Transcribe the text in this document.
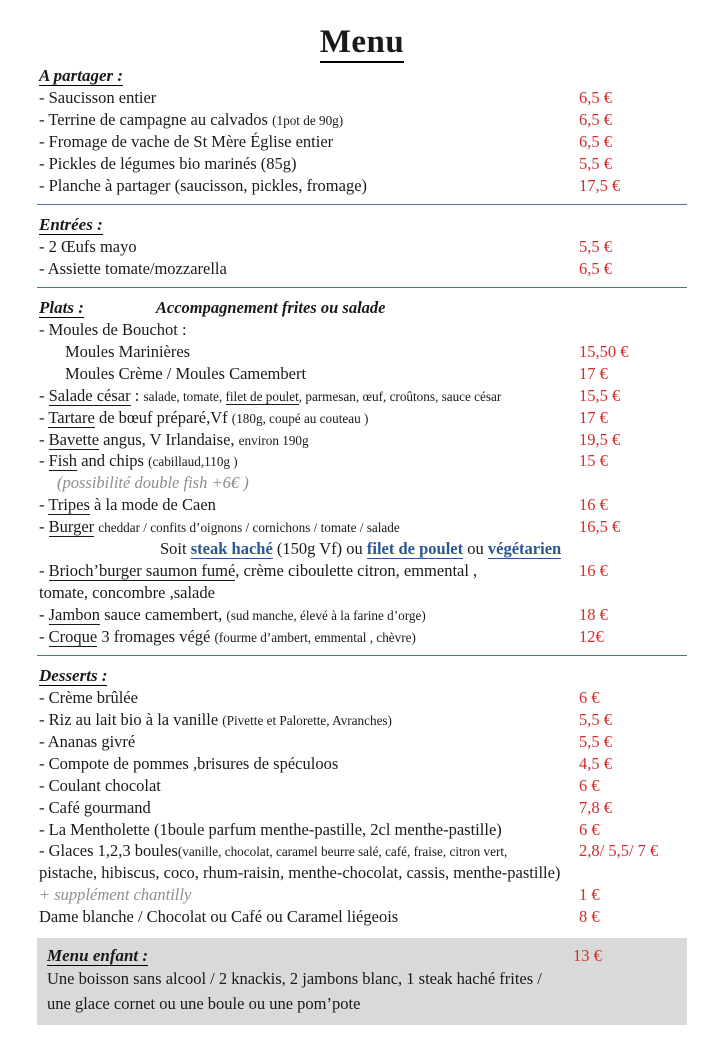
Menu
A partager :
- Saucisson entier	6,5 €
- Terrine de campagne au calvados (1pot de 90g)	6,5 €
- Fromage de vache de St Mère Église entier	6,5 €
- Pickles de légumes bio marinés (85g)	5,5 €
- Planche à partager (saucisson, pickles, fromage)	17,5 €
Entrées :
- 2 Œufs mayo	5,5 €
- Assiette tomate/mozzarella	6,5 €
Plats :	Accompagnement frites ou salade
- Moules de Bouchot :
Moules Marinières	15,50 €
Moules Crème / Moules Camembert	17 €
- Salade césar : salade, tomate, filet de poulet, parmesan, œuf, croûtons, sauce césar	15,5 €
- Tartare de bœuf préparé,Vf (180g, coupé au couteau )	17 €
- Bavette angus, V Irlandaise, environ 190g	19,5 €
- Fish and chips (cabillaud,110g )	15 €
(possibilité double fish +6€ )
- Tripes à la mode de Caen	16 €
- Burger cheddar / confits d’oignons / cornichons / tomate / salade	16,5 €
Soit steak haché (150g Vf) ou filet de poulet ou végétarien
- Brioch’burger saumon fumé, crème ciboulette citron, emmental ,	16 €
tomate, concombre ,salade
- Jambon sauce camembert, (sud manche, élevé à la farine d’orge)	18 €
- Croque 3 fromages végé (fourme d’ambert, emmental , chèvre)	12€
Desserts :
- Crème brûlée	6 €
- Riz au lait bio à la vanille (Pivette et Palorette, Avranches)	5,5 €
- Ananas givré	5,5 €
- Compote de pommes ,brisures de spéculoos	4,5 €
- Coulant chocolat	6 €
- Café gourmand	7,8 €
- La Mentholette (1boule parfum menthe-pastille, 2cl menthe-pastille)	6 €
- Glaces 1,2,3 boules(vanille, chocolat, caramel beurre salé, café, fraise, citron vert,	2,8/ 5,5/ 7 €
pistache, hibiscus, coco, rhum-raisin, menthe-chocolat, cassis, menthe-pastille)
+ supplément chantilly	1 €
Dame blanche / Chocolat ou Café ou Caramel liégeois	8 €
Menu enfant :	13 €
Une boisson sans alcool / 2 knackis, 2 jambons blanc, 1 steak haché frites /
une glace cornet ou une boule ou une pom’pote
